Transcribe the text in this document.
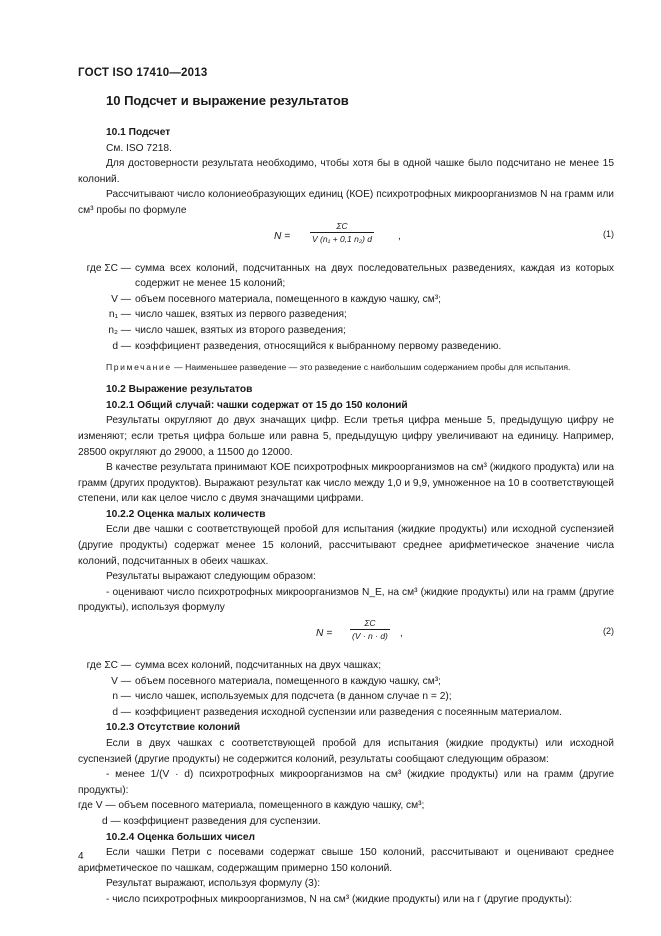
ГОСТ ISO 17410—2013
10 Подсчет и выражение результатов

10.1 Подсчет

См. ISO 7218.

Для достоверности результата необходимо, чтобы хотя бы в одной чашке было подсчитано не менее 15 колоний.

Рассчитывают число колониеобразующих единиц (КОЕ) психротрофных микроорганизмов N на грамм или см³ пробы по формуле

$N = \frac{\Sigma C}{\text{V (n₁ + 0,1 n₂) d}}$ ,	(1)
где ΣC — сумма всех колоний, подсчитанных на двух последовательных разведениях, каждая из которых содержит не менее 15 колоний;
V — объем посевного материала, помещенного в каждую чашку, см³;
n₁ — число чашек, взятых из первого разведения;
n₂ — число чашек, взятых из второго разведения;
d — коэффициент разведения, относящийся к выбранному первому разведению.

Примечание — Наименьшее разведение — это разведение с наибольшим содержанием пробы для испытания.

10.2 Выражение результатов

10.2.1 Общий случай: чашки содержат от 15 до 150 колоний

Результаты округляют до двух значащих цифр. Если третья цифра меньше 5, предыдущую цифру не изменяют; если третья цифра больше или равна 5, предыдущую цифру увеличивают на единицу. Например, 28500 округляют до 29000, а 11500 до 12000.

В качестве результата принимают КОЕ психротрофных микроорганизмов на см³ (жидкого продукта) или на грамм (других продуктов). Выражают результат как число между 1,0 и 9,9, умноженное на 10 в соответствующей степени, или как целое число с двумя значащими цифрами.

10.2.2 Оценка малых количеств

Если две чашки с соответствующей пробой для испытания (жидкие продукты) или исходной суспензией (другие продукты) содержат менее 15 колоний, рассчитывают среднее арифметическое значение числа колоний, подсчитанных в обеих чашках.

Результаты выражают следующим образом:

- оценивают число психротрофных микроорганизмов N_E, на см³ (жидкие продукты) или на грамм (другие продукты), используя формулу

$N = \frac{\Sigma C}{(V \cdot n \cdot d)}$ ,	(2)
где ΣC — сумма всех колоний, подсчитанных на двух чашках;
V — объем посевного материала, помещенного в каждую чашку, см³;
n — число чашек, используемых для подсчета (в данном случае n = 2);
d — коэффициент разведения исходной суспензии или разведения с посеянным материалом.

10.2.3 Отсутствие колоний

Если в двух чашках с соответствующей пробой для испытания (жидкие продукты) или исходной суспензией (другие продукты) не содержится колоний, результаты сообщают следующим образом:

- менее 1/(V · d) психротрофных микроорганизмов на см³ (жидкие продукты) или на грамм (другие продукты):

где V — объем посевного материала, помещенного в каждую чашку, см³;

d — коэффициент разведения для суспензии.

10.2.4 Оценка больших чисел

Если чашки Петри с посевами содержат свыше 150 колоний, рассчитывают и оценивают среднее арифметическое по чашкам, содержащим примерно 150 колоний.

Результат выражают, используя формулу (3):

- число психротрофных микроорганизмов, N на см³ (жидкие продукты) или на г (другие продукты):

4
